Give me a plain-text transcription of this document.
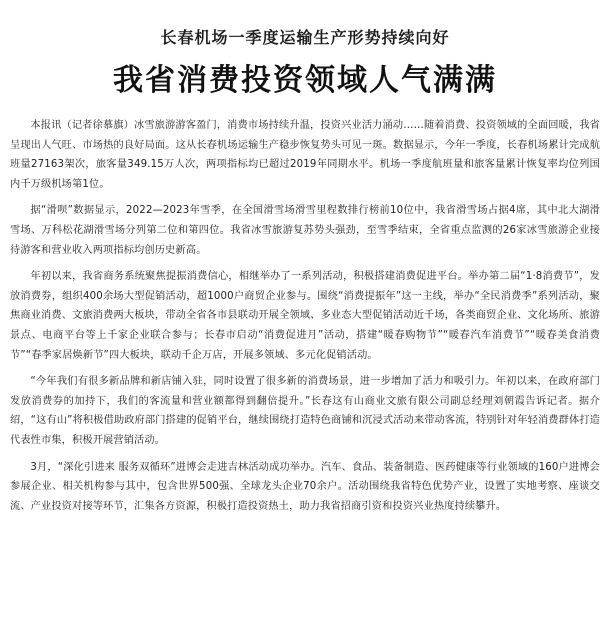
长春机场一季度运输生产形势持续向好
我省消费投资领域人气满满

本报讯（记者徐慕旗）冰雪旅游游客盈门，消费市场持续升温，投资兴业活力涌动……随着消费、投资领域的全面回暖，我省呈现出人气旺、市场热的良好局面。这从长春机场运输生产稳步恢复势头可见一斑。数据显示，今年一季度，长春机场累计完成航班量27163架次，旅客量349.15万人次，两项指标均已超过2019年同期水平。机场一季度航班量和旅客量累计恢复率均位列国内千万级机场第1位。

据“滑呗”数据显示，2022—2023年雪季，在全国滑雪场滑雪里程数排行榜前10位中，我省滑雪场占据4席，其中北大湖滑雪场、万科松花湖滑雪场分列第二位和第四位。我省冰雪旅游复苏势头强劲，至雪季结束，全省重点监测的26家冰雪旅游企业接待游客和营业收入两项指标均创历史新高。

年初以来，我省商务系统聚焦提振消费信心，相继举办了一系列活动，积极搭建消费促进平台。举办第二届“1·8消费节”，发放消费券，组织400余场大型促销活动，超1000户商贸企业参与。围绕“消费提振年”这一主线，举办“全民消费季”系列活动，聚焦商业消费、文旅消费两大板块，带动全省各市县联动开展全领域、多业态大型促销活动近千场，各类商贸企业、文化场所、旅游景点、电商平台等上千家企业联合参与；长春市启动“消费促进月”活动，搭建“暖春购物节”“暖春汽车消费节”“暖春美食消费节”“春季家居焕新节”四大板块，联动千企万店，开展多领域、多元化促销活动。

“今年我们有很多新品牌和新店铺入驻，同时设置了很多新的消费场景，进一步增加了活力和吸引力。年初以来，在政府部门发放消费券的加持下，我们的客流量和营业额都得到翻倍提升。”长春这有山商业文旅有限公司副总经理刘朝霞告诉记者。据介绍，“这有山”将积极借助政府部门搭建的促销平台，继续围绕打造特色商铺和沉浸式活动来带动客流，特别针对年轻消费群体打造代表性市集，积极开展营销活动。

3月，“深化引进来 服务双循环”进博会走进吉林活动成功举办。汽车、食品、装备制造、医药健康等行业领域的160户进博会参展企业、相关机构参与其中，包含世界500强、全球龙头企业70余户。活动围绕我省特色优势产业，设置了实地考察、座谈交流、产业投资对接等环节，汇集各方资源，积极打造投资热土，助力我省招商引资和投资兴业热度持续攀升。
